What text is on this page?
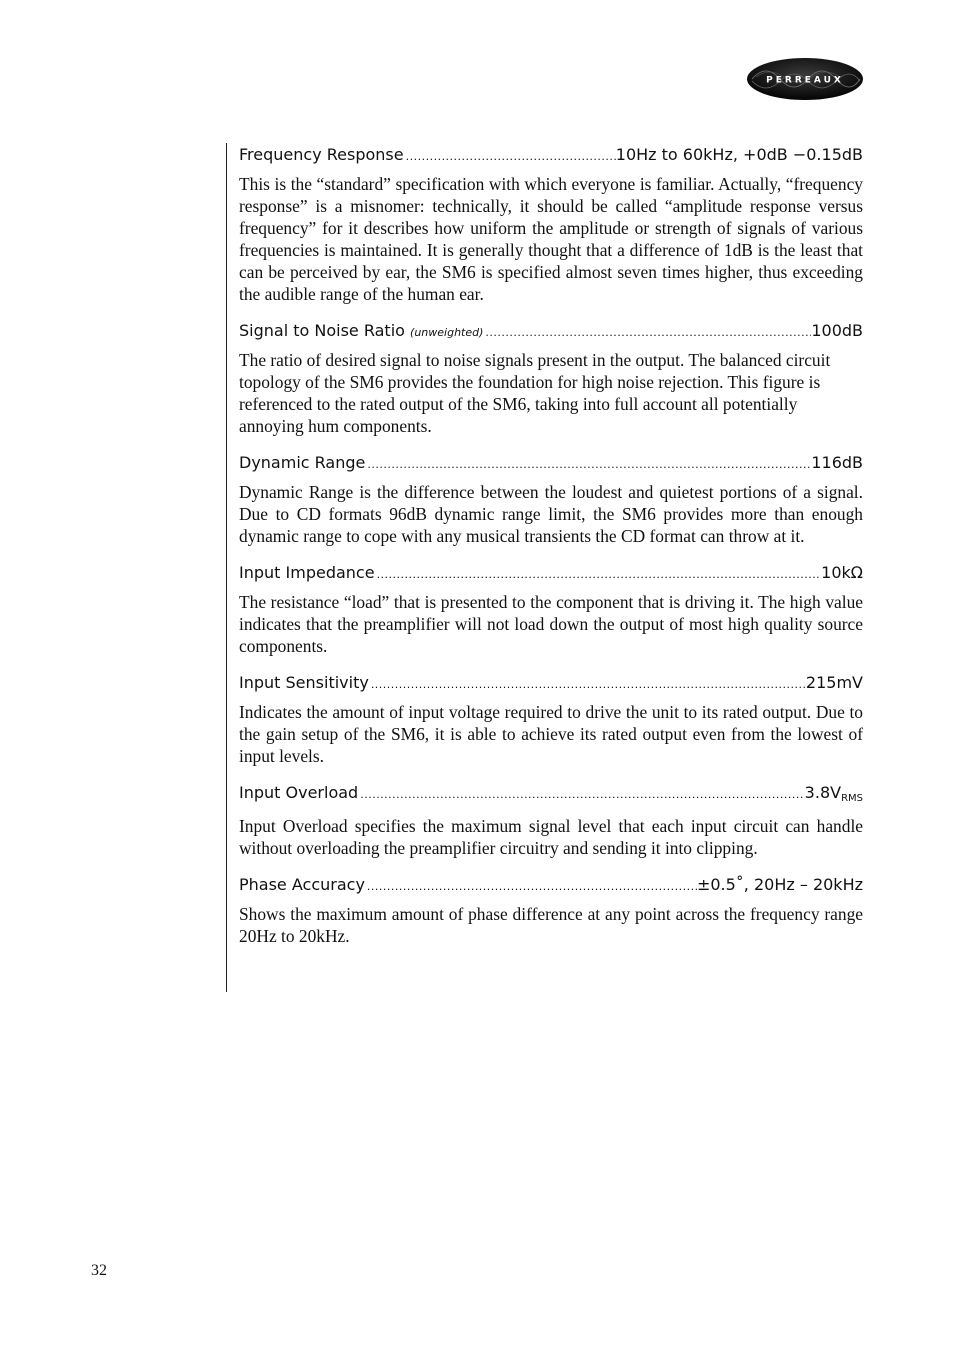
PERREAUX
Frequency Response .....	10Hz to 60kHz, +0dB −0.15dB

This is the “standard” specification with which everyone is familiar. Actually, “frequency response” is a misnomer: technically, it should be called “amplitude response versus frequency” for it describes how uniform the amplitude or strength of signals of various frequencies is maintained. It is generally thought that a difference of 1dB is the least that can be perceived by ear, the SM6 is specified almost seven times higher, thus exceeding the audible range of the human ear.

Signal to Noise Ratio (unweighted) .....	100dB

The ratio of desired signal to noise signals present in the output. The balanced circuit topology of the SM6 provides the foundation for high noise rejection. This figure is referenced to the rated output of the SM6, taking into full account all potentially annoying hum components.

Dynamic Range .....	116dB

Dynamic Range is the difference between the loudest and quietest portions of a signal. Due to CD formats 96dB dynamic range limit, the SM6 provides more than enough dynamic range to cope with any musical transients the CD format can throw at it.

Input Impedance .....	10kΩ

The resistance “load” that is presented to the component that is driving it. The high value indicates that the preamplifier will not load down the output of most high quality source components.

Input Sensitivity .....	215mV

Indicates the amount of input voltage required to drive the unit to its rated output. Due to the gain setup of the SM6, it is able to achieve its rated output even from the lowest of input levels.

Input Overload .....	3.8VRMS

Input Overload specifies the maximum signal level that each input circuit can handle without overloading the preamplifier circuitry and sending it into clipping.

Phase Accuracy .....	±0.5˚, 20Hz – 20kHz

Shows the maximum amount of phase difference at any point across the frequency range 20Hz to 20kHz.

32
